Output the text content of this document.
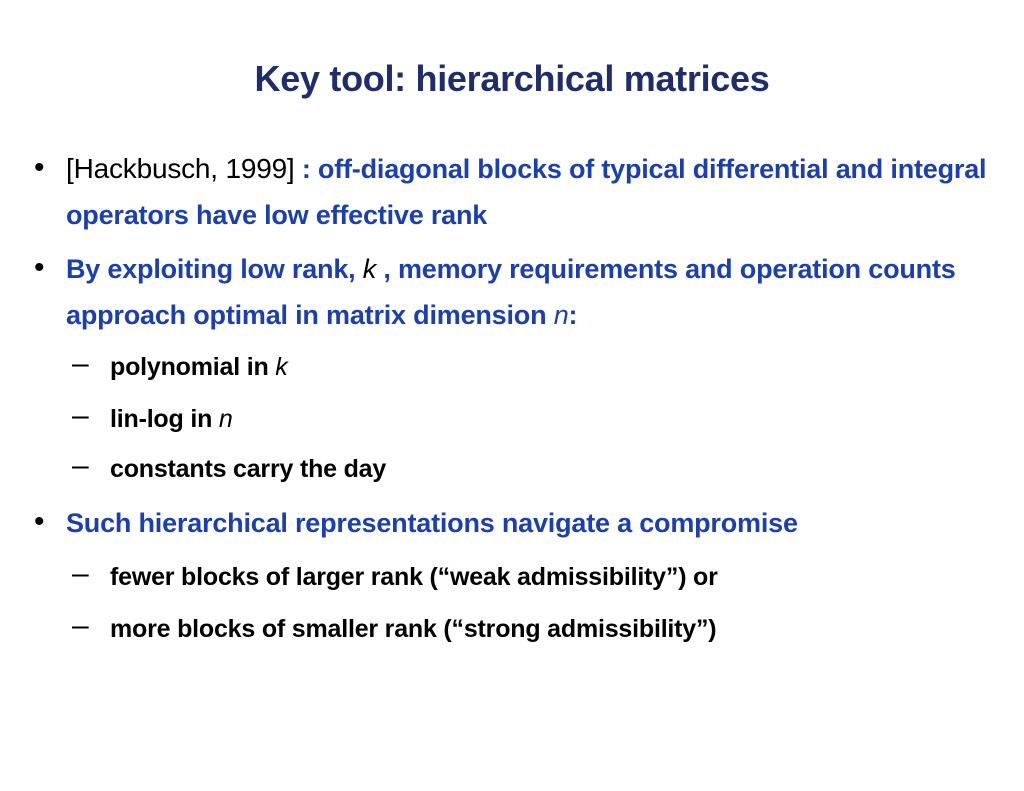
Key tool: hierarchical matrices
• [Hackbusch, 1999] : off-diagonal blocks of typical differential and integral operators have low effective rank
• By exploiting low rank, k , memory requirements and operation counts approach optimal in matrix dimension n:
– polynomial in k
– lin-log in n
– constants carry the day
• Such hierarchical representations navigate a compromise
– fewer blocks of larger rank (“weak admissibility”) or
– more blocks of smaller rank (“strong admissibility”)
